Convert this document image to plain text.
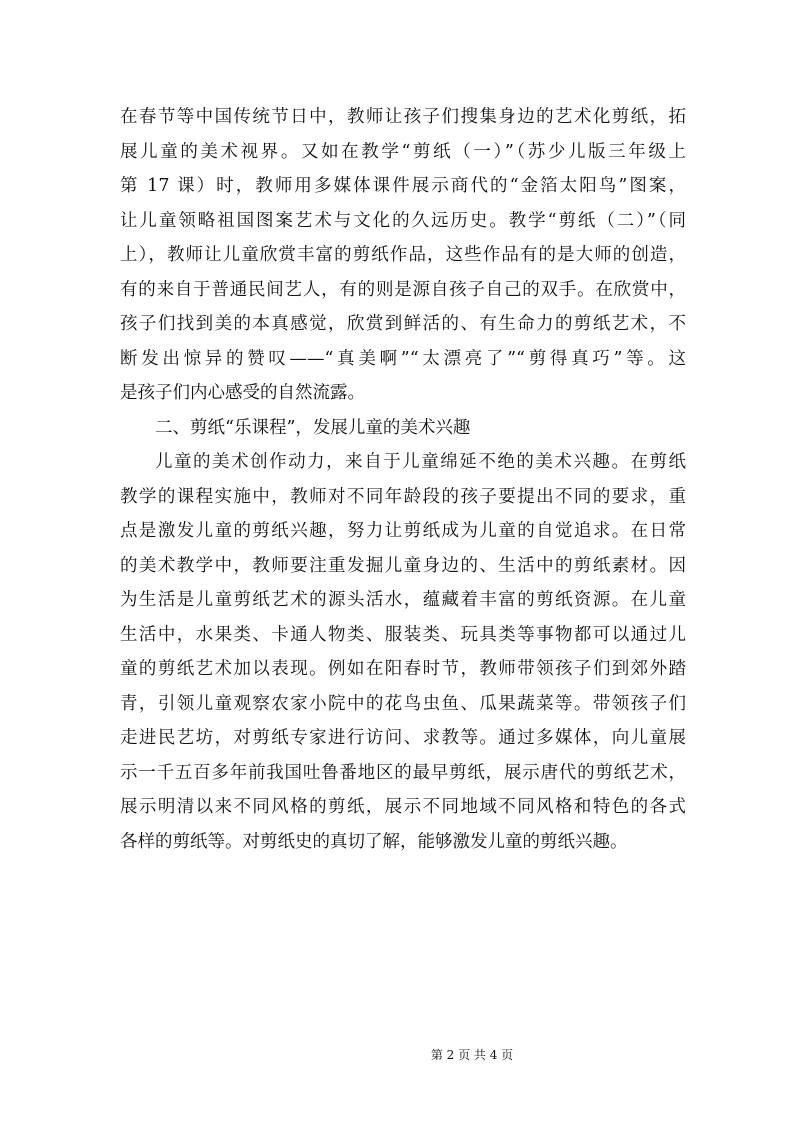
在春节等中国传统节日中，教师让孩子们搜集身边的艺术化剪纸，拓
展儿童的美术视界。又如在教学“剪纸（一）”（苏少儿版三年级上
第 17 课）时，教师用多媒体课件展示商代的“金箔太阳鸟”图案，
让儿童领略祖国图案艺术与文化的久远历史。教学“剪纸（二）”（同
上），教师让儿童欣赏丰富的剪纸作品，这些作品有的是大师的创造，
有的来自于普通民间艺人，有的则是源自孩子自己的双手。在欣赏中，
孩子们找到美的本真感觉，欣赏到鲜活的、有生命力的剪纸艺术，不
断发出惊异的赞叹——“真美啊”“太漂亮了”“剪得真巧”等。这
是孩子们内心感受的自然流露。
二、剪纸“乐课程”，发展儿童的美术兴趣
儿童的美术创作动力，来自于儿童绵延不绝的美术兴趣。在剪纸
教学的课程实施中，教师对不同年龄段的孩子要提出不同的要求，重
点是激发儿童的剪纸兴趣，努力让剪纸成为儿童的自觉追求。在日常
的美术教学中，教师要注重发掘儿童身边的、生活中的剪纸素材。因
为生活是儿童剪纸艺术的源头活水，蕴藏着丰富的剪纸资源。在儿童
生活中，水果类、卡通人物类、服装类、玩具类等事物都可以通过儿
童的剪纸艺术加以表现。例如在阳春时节，教师带领孩子们到郊外踏
青，引领儿童观察农家小院中的花鸟虫鱼、瓜果蔬菜等。带领孩子们
走进民艺坊，对剪纸专家进行访问、求教等。通过多媒体，向儿童展
示一千五百多年前我国吐鲁番地区的最早剪纸，展示唐代的剪纸艺术，
展示明清以来不同风格的剪纸，展示不同地域不同风格和特色的各式
各样的剪纸等。对剪纸史的真切了解，能够激发儿童的剪纸兴趣。
第 2 页 共 4 页
